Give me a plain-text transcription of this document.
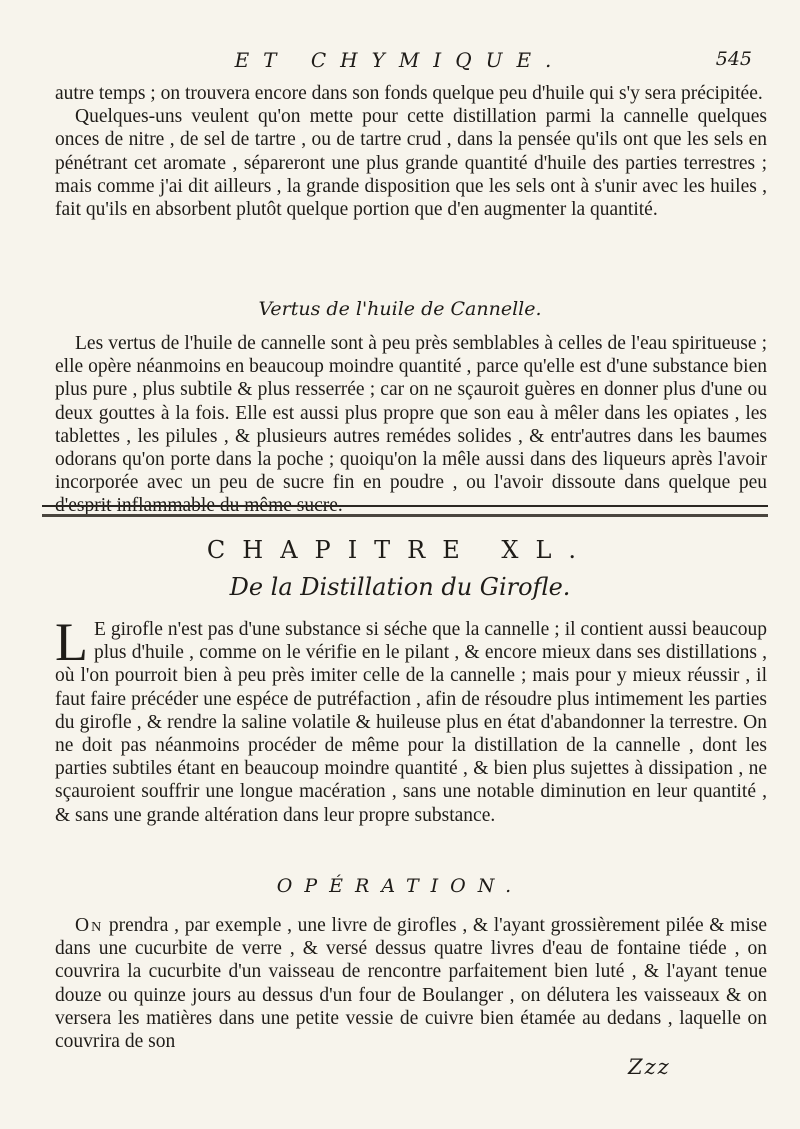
ET CHYMIQUE.	545

autre temps ; on trouvera encore dans son fonds quelque peu d'huile qui s'y sera précipitée.

Quelques-uns veulent qu'on mette pour cette distillation parmi la cannelle quelques onces de nitre , de sel de tartre , ou de tartre crud , dans la pensée qu'ils ont que les sels en pénétrant cet aromate , sépareront une plus grande quantité d'huile des parties terrestres ; mais comme j'ai dit ailleurs , la grande disposition que les sels ont à s'unir avec les huiles , fait qu'ils en absorbent plutôt quelque portion que d'en augmenter la quantité.

Vertus de l'huile de Cannelle.

Les vertus de l'huile de cannelle sont à peu près semblables à celles de l'eau spiritueuse ; elle opère néanmoins en beaucoup moindre quantité , parce qu'elle est d'une substance bien plus pure , plus subtile & plus resserrée ; car on ne sçauroit guères en donner plus d'une ou deux gouttes à la fois. Elle est aussi plus propre que son eau à mêler dans les opiates , les tablettes , les pilules , & plusieurs autres remédes solides , & entr'autres dans les baumes odorans qu'on porte dans la poche ; quoiqu'on la mêle aussi dans des liqueurs après l'avoir incorporée avec un peu de sucre fin en poudre , ou l'avoir dissoute dans quelque peu d'esprit inflammable du même sucre.

CHAPITRE XL.
De la Distillation du Girofle.

L E girofle n'est pas d'une substance si séche que la cannelle ; il contient aussi beaucoup plus d'huile , comme on le vérifie en le pilant , & encore mieux dans ses distillations , où l'on pourroit bien à peu près imiter celle de la cannelle ; mais pour y mieux réussir , il faut faire précéder une espéce de putréfaction , afin de résoudre plus intimement les parties du girofle , & rendre la saline volatile & huileuse plus en état d'abandonner la terrestre. On ne doit pas néanmoins procéder de même pour la distillation de la cannelle , dont les parties subtiles étant en beaucoup moindre quantité , & bien plus sujettes à dissipation , ne sçauroient souffrir une longue macération , sans une notable diminution en leur quantité , & sans une grande altération dans leur propre substance.

OPÉRATION.

On prendra , par exemple , une livre de girofles , & l'ayant grossièrement pilée & mise dans une cucurbite de verre , & versé dessus quatre livres d'eau de fontaine tiéde , on couvrira la cucurbite d'un vaisseau de rencontre parfaitement bien luté , & l'ayant tenue douze ou quinze jours au dessus d'un four de Boulanger , on délutera les vaisseaux & on versera les matières dans une petite vessie de cuivre bien étamée au dedans , laquelle on couvrira de son

Zzz
